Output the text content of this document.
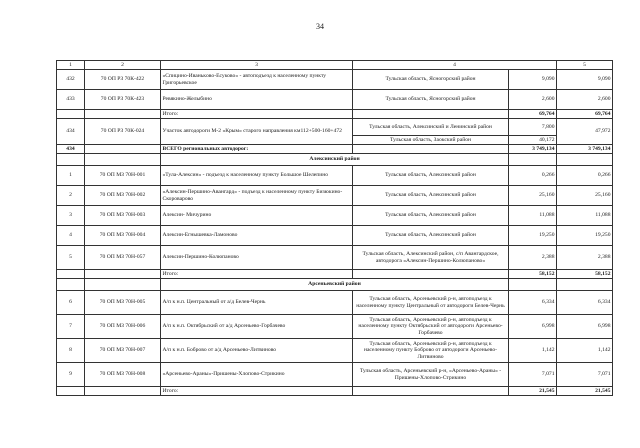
34
1	2	3	4		5
432	70 ОП РЗ 70К-422	«Спицино-Иванькoво-Есуково» - автоподъезд к населенному пункту Григорьевское	Тульская область, Ясногорский район	9,090	9,090
433	70 ОП РЗ 70К-423	Ревякино-Желыбино	Тульская область, Ясногорский район	2,600	2,600
		Итого:		69,764	69,764
434	70 ОП РЗ 70К-024	Участок автодороги М-2 «Крым» старого направления км112+500-160+472	Тульская область, Алексинский и Ленинский район	7,800	47,972
			Тульская область, Заокский район	40,172	
434		ВСЕГО региональных автодорог:		3 749,134	3 749,134
		Алексинский район			
1	70 ОП МЗ 70Н-001	«Тула-Алексин» - подъезд к населенному пункту Большое Шелепино	Тульская область, Алексинский район	0,266	0,266
2	70 ОП МЗ 70Н-002	«Алексин-Першино-Авангард» - подъезд к населенному пункту Бизюкино-Скороварово	Тульская область, Алексинский район	25,160	25,160
3	70 ОП МЗ 70Н-003	Алексин- Мичурино	Тульская область, Алексинский район	11,088	11,088
4	70 ОП МЗ 70Н-004	Алексин-Егнышевка-Ламоново	Тульская область, Алексинский район	19,250	19,250
5	70 ОП МЗ 70Н-057	Алексин-Першино-Колюпаново	Тульская область, Алексинский район, с/п Авангардское, автодорога «Алексин-Першино-Колюпаново»	2,388	2,388
		Итого:		58,152	58,152
		Арсеньевский район			
6	70 ОП МЗ 70Н-005	А/п к н.п. Центральный от а/д Белев-Чернь	Тульская область, Арсеньевский р-н, автоподъезд к населенному пункту Центральный от автодороги Белев-Чернь	6,334	6,334
7	70 ОП МЗ 70Н-006	А/п к н.п. Октябрьский от а/д Арсеньево-Горбачево	Тульская область, Арсеньевский р-н, автоподъезд к населенному пункту Октябрьский от автодороги Арсеньево-Горбачево	6,998	6,998
8	70 ОП МЗ 70Н-007	А/п к н.п. Боброво от а/д Арсеньево-Литвиново	Тульская область, Арсеньевский р-н, автоподъезд к населенному пункту Боброво от автодороги Арсеньево-Литвиново	1,142	1,142
9	70 ОП МЗ 70Н-008	«Арсеньево-Араны»-Пришены-Хлопово-Стрикино	Тульская область, Арсеньевский р-н, «Арсеньево-Араны» - Пришены-Хлопово-Стрикино	7,071	7,071
		Итого:		21,545	21,545
